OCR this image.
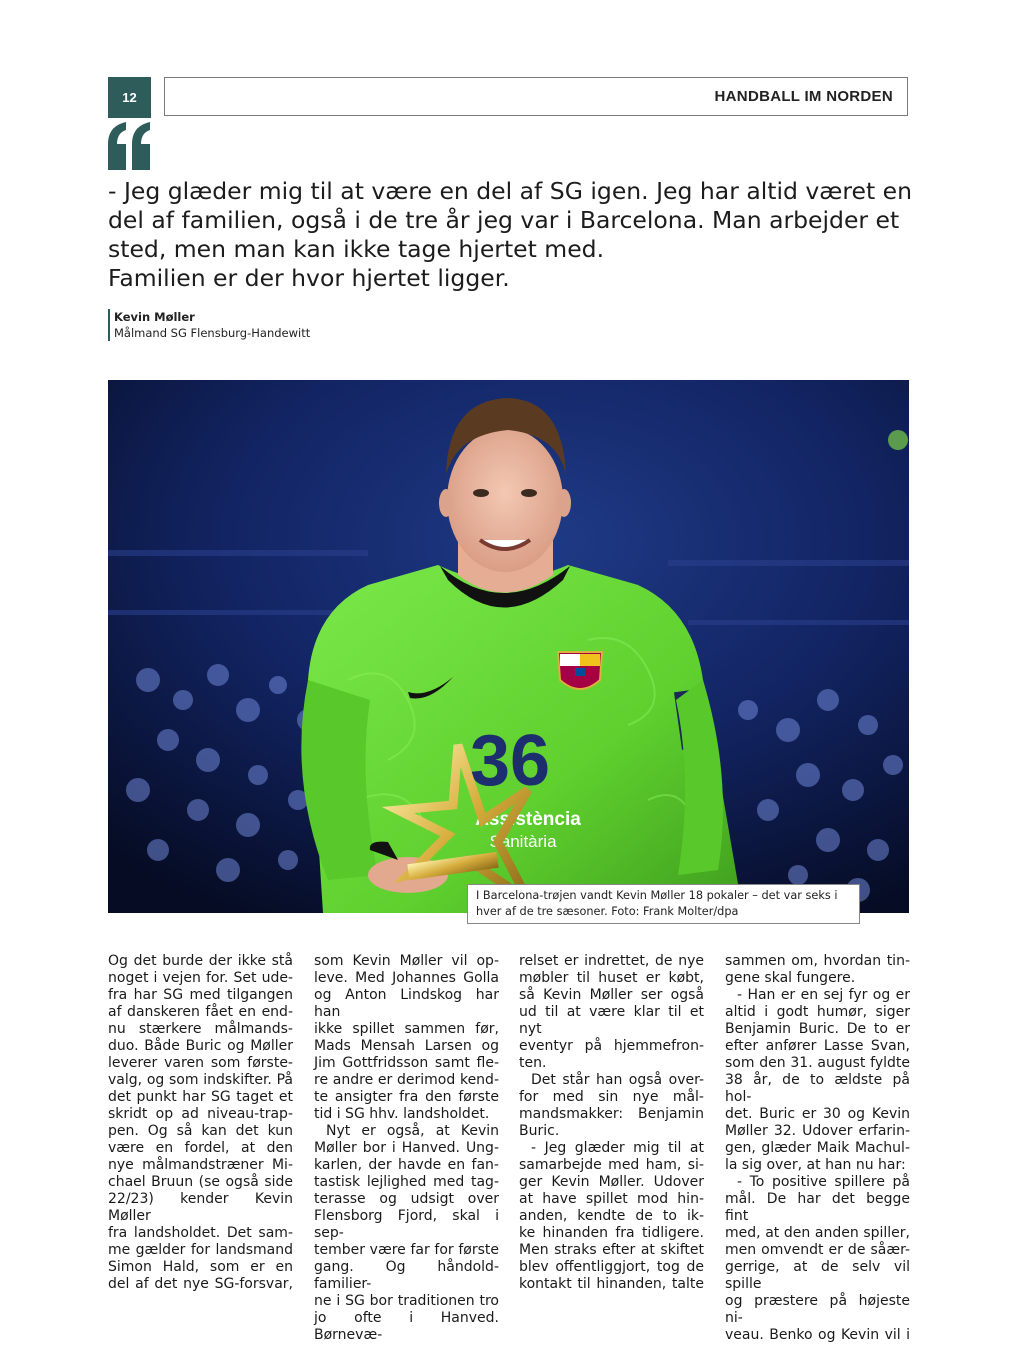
12	HANDBALL IM NORDEN

- Jeg glæder mig til at være en del af SG igen. Jeg har altid været en
del af familien, også i de tre år jeg var i Barcelona. Man arbejder et
sted, men man kan ikke tage hjertet med.
Familien er der hvor hjertet ligger.

Kevin Møller
Målmand SG Flensburg-Handewitt
36
Assistència
Sanitària
I Barcelona-trøjen vandt Kevin Møller 18 pokaler – det var seks i
hver af de tre sæsoner. Foto: Frank Molter/dpa

Og det burde der ikke stå
noget i vejen for. Set ude-
fra har SG med tilgangen
af danskeren fået en end-
nu stærkere målmands-
duo. Både Buric og Møller
leverer varen som første-
valg, og som indskifter. På
det punkt har SG taget et
skridt op ad niveau-trap-
pen. Og så kan det kun
være en fordel, at den
nye målmandstræner Mi-
chael Bruun (se også side
22/23) kender Kevin Møller
fra landsholdet. Det sam-
me gælder for landsmand
Simon Hald, som er en
del af det nye SG-forsvar,

som Kevin Møller vil op-
leve. Med Johannes Golla
og Anton Lindskog har han
ikke spillet sammen før,
Mads Mensah Larsen og
Jim Gottfridsson samt fle-
re andre er derimod kend-
te ansigter fra den første
tid i SG hhv. landsholdet.
Nyt er også, at Kevin
Møller bor i Hanved. Ung-
karlen, der havde en fan-
tastisk lejlighed med tag-
terasse og udsigt over
Flensborg Fjord, skal i sep-
tember være far for første
gang. Og håndold-familier-
ne i SG bor traditionen tro
jo ofte i Hanved. Børnevæ-

relset er indrettet, de nye
møbler til huset er købt,
så Kevin Møller ser også
ud til at være klar til et nyt
eventyr på hjemmefron-
ten.
Det står han også over-
for med sin nye mål-
mandsmakker: Benjamin
Buric.
- Jeg glæder mig til at
samarbejde med ham, si-
ger Kevin Møller. Udover
at have spillet mod hin-
anden, kendte de to ik-
ke hinanden fra tidligere.
Men straks efter at skiftet
blev offentliggjort, tog de
kontakt til hinanden, talte

sammen om, hvordan tin-
gene skal fungere.
- Han er en sej fyr og er
altid i godt humør, siger
Benjamin Buric. De to er
efter anfører Lasse Svan,
som den 31. august fyldte
38 år, de to ældste på hol-
det. Buric er 30 og Kevin
Møller 32. Udover erfarin-
gen, glæder Maik Machul-
la sig over, at han nu har:
- To positive spillere på
mål. De har det begge fint
med, at den anden spiller,
men omvendt er de såær-
gerrige, at de selv vil spille
og præstere på højeste ni-
veau. Benko og Kevin vil i
